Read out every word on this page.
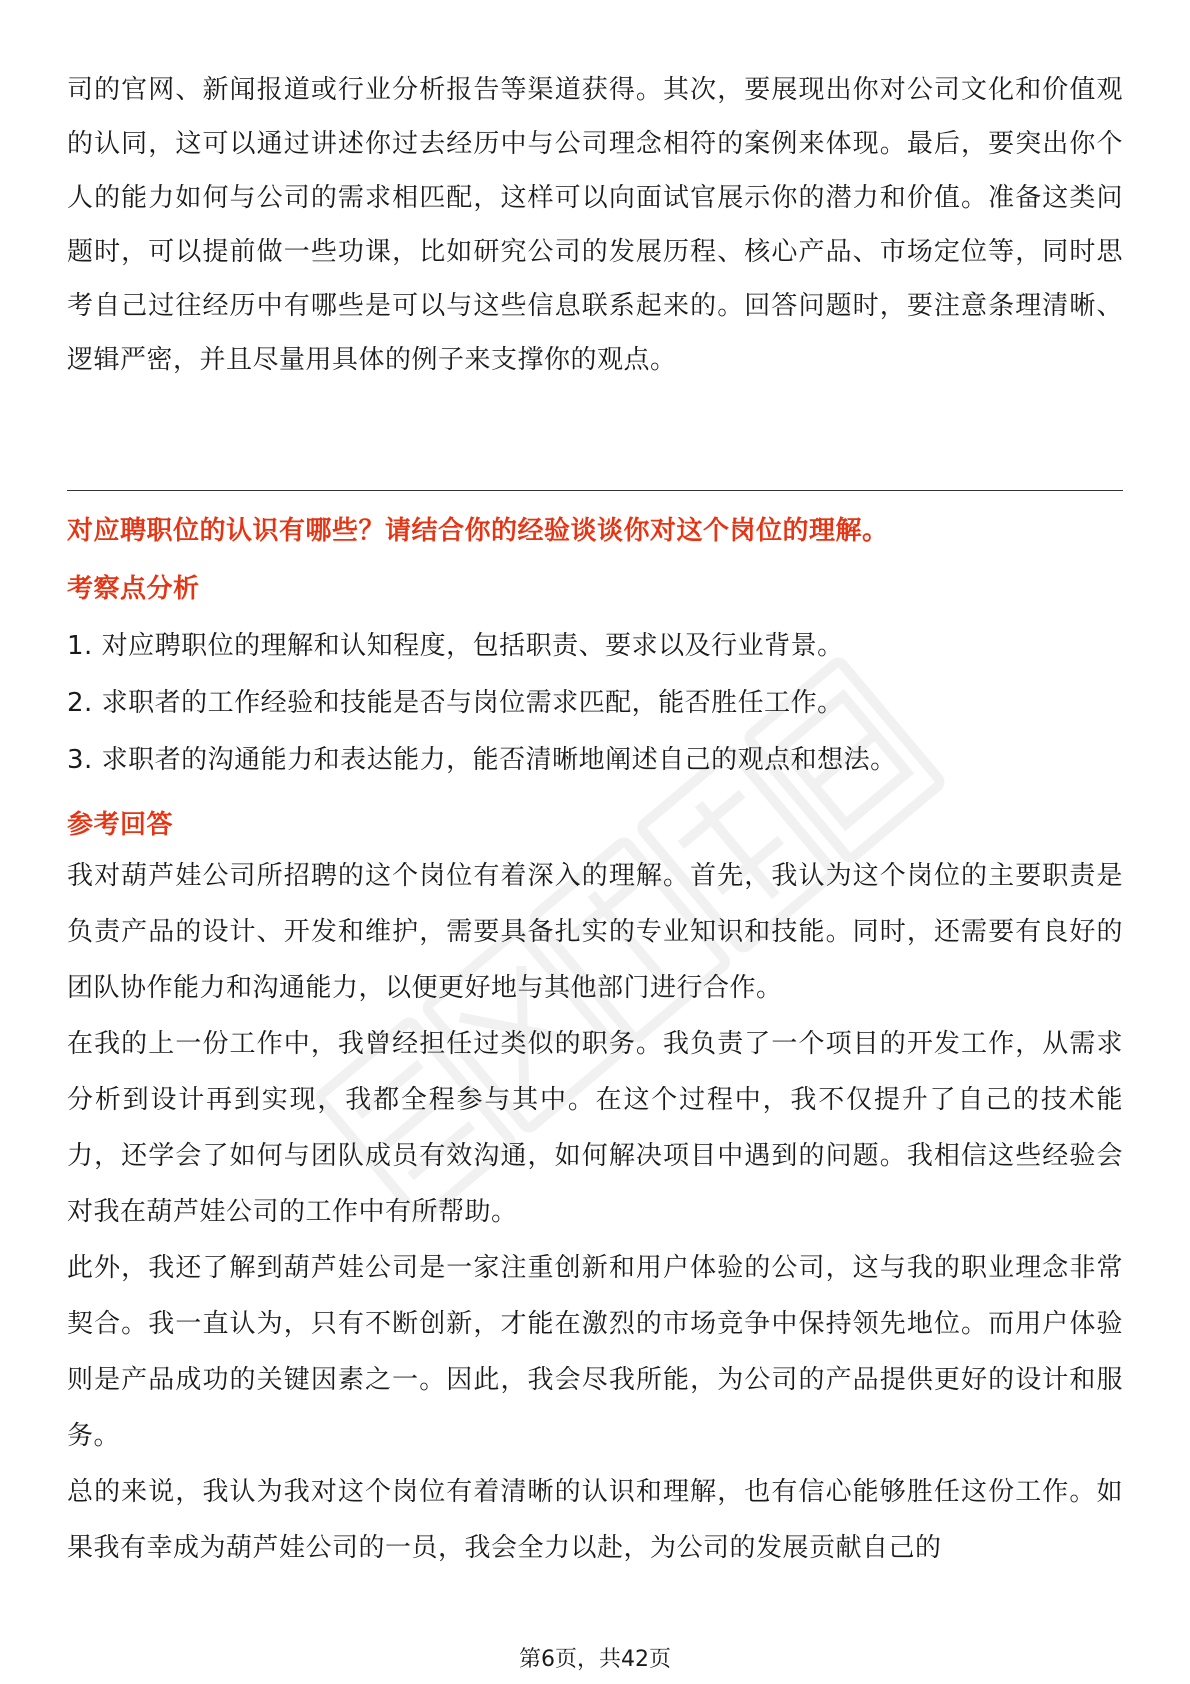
司的官网、新闻报道或行业分析报告等渠道获得。其次，要展现出你对公司文化和价值观的认同，这可以通过讲述你过去经历中与公司理念相符的案例来体现。最后，要突出你个人的能力如何与公司的需求相匹配，这样可以向面试官展示你的潜力和价值。准备这类问题时，可以提前做一些功课，比如研究公司的发展历程、核心产品、市场定位等，同时思考自己过往经历中有哪些是可以与这些信息联系起来的。回答问题时，要注意条理清晰、逻辑严密，并且尽量用具体的例子来支撑你的观点。

对应聘职位的认识有哪些？请结合你的经验谈谈你对这个岗位的理解。

考察点分析

1. 对应聘职位的理解和认知程度，包括职责、要求以及行业背景。
2. 求职者的工作经验和技能是否与岗位需求匹配，能否胜任工作。
3. 求职者的沟通能力和表达能力，能否清晰地阐述自己的观点和想法。

参考回答

我对葫芦娃公司所招聘的这个岗位有着深入的理解。首先，我认为这个岗位的主要职责是负责产品的设计、开发和维护，需要具备扎实的专业知识和技能。同时，还需要有良好的团队协作能力和沟通能力，以便更好地与其他部门进行合作。

在我的上一份工作中，我曾经担任过类似的职务。我负责了一个项目的开发工作，从需求分析到设计再到实现，我都全程参与其中。在这个过程中，我不仅提升了自己的技术能力，还学会了如何与团队成员有效沟通，如何解决项目中遇到的问题。我相信这些经验会对我在葫芦娃公司的工作中有所帮助。

此外，我还了解到葫芦娃公司是一家注重创新和用户体验的公司，这与我的职业理念非常契合。我一直认为，只有不断创新，才能在激烈的市场竞争中保持领先地位。而用户体验则是产品成功的关键因素之一。因此，我会尽我所能，为公司的产品提供更好的设计和服务。

总的来说，我认为我对这个岗位有着清晰的认识和理解，也有信心能够胜任这份工作。如果我有幸成为葫芦娃公司的一员，我会全力以赴，为公司的发展贡献自己的

第6页，共42页
